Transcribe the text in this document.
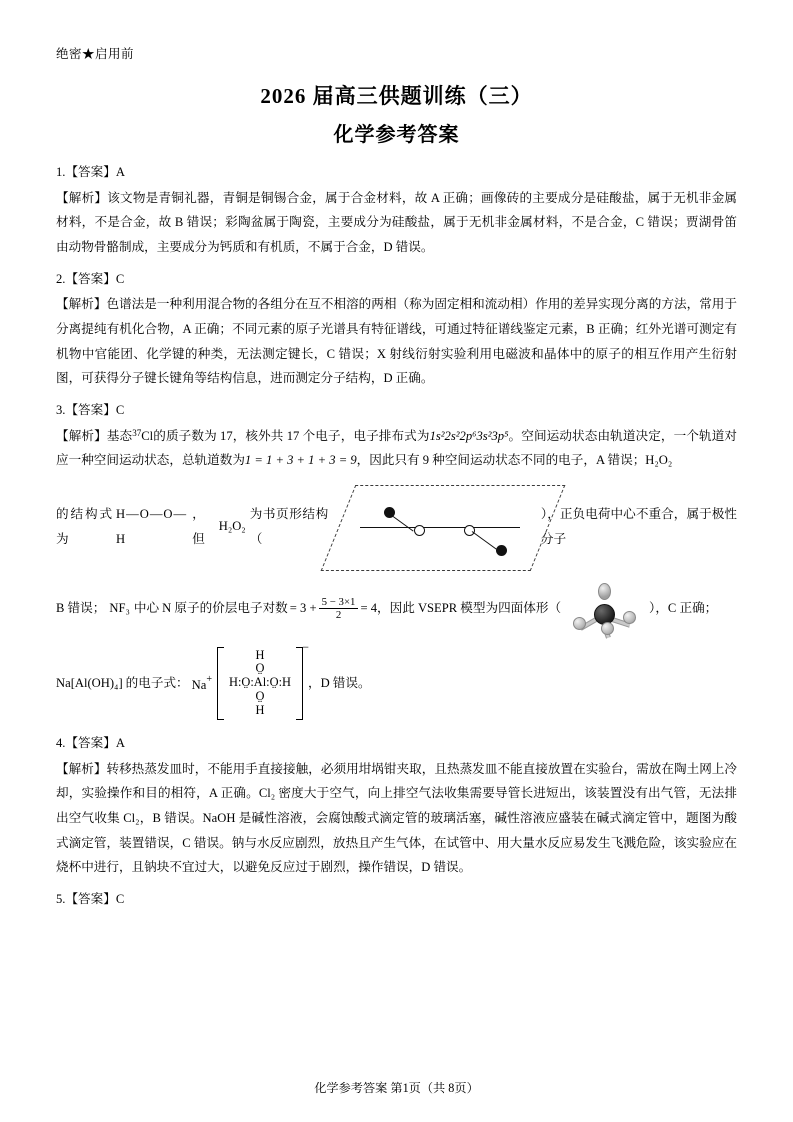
绝密★启用前
2026 届高三供题训练（三）
化学参考答案
1.【答案】A
【解析】该文物是青铜礼器，青铜是铜锡合金，属于合金材料，故 A 正确；画像砖的主要成分是硅酸盐，属于无机非金属材料，不是合金，故 B 错误；彩陶盆属于陶瓷，主要成分为硅酸盐，属于无机非金属材料，不是合金，C 错误；贾湖骨笛由动物骨骼制成，主要成分为钙质和有机质，不属于合金，D 错误。
2.【答案】C
【解析】色谱法是一种利用混合物的各组分在互不相溶的两相（称为固定相和流动相）作用的差异实现分离的方法，常用于分离提纯有机化合物，A 正确；不同元素的原子光谱具有特征谱线，可通过特征谱线鉴定元素，B 正确；红外光谱可测定有机物中官能团、化学键的种类，无法测定键长，C 错误；X 射线衍射实验利用电磁波和晶体中的原子的相互作用产生衍射图，可获得分子键长键角等结构信息，进而测定分子结构，D 正确。
3.【答案】C
【解析】基态$^{37}$Cl的质子数为 17，核外共 17 个电子，电子排布式为1s²2s²2p⁶3s²3p⁵。空间运动状态由轨道决定，一个轨道对应一种空间运动状态，总轨道数为1 = 1 + 3 + 1 + 3 = 9，因此只有 9 种空间运动状态不同的电子，A 错误；H₂O₂
的结构式为
H—O—O—H
，但
H₂O₂
为书页形结构（
），正负电荷中心不重合，属于极性分子
B 错误； NF₃ 中心 N 原子的价层电子对数 = $3 + \frac{5 - 3\times 1}{2} = 4$，因此 VSEPR 模型为四面体形（	），C 正确；
Na[Al(OH)₄] 的电子式： Na+
−
H
O̤
H:O̤:Al:O̤:H
O̤
H
，D 错误。
4.【答案】A
【解析】转移热蒸发皿时，不能用手直接接触，必须用坩埚钳夹取，且热蒸发皿不能直接放置在实验台，需放在陶土网上冷却，实验操作和目的相符，A 正确。Cl₂ 密度大于空气，向上排空气法收集需要导管长进短出，该装置没有出气管，无法排出空气收集 Cl₂，B 错误。NaOH 是碱性溶液，会腐蚀酸式滴定管的玻璃活塞，碱性溶液应盛装在碱式滴定管中，题图为酸式滴定管，装置错误，C 错误。钠与水反应剧烈，放热且产生气体，在试管中、用大量水反应易发生飞溅危险，该实验应在烧杯中进行，且钠块不宜过大，以避免反应过于剧烈，操作错误，D 错误。
5.【答案】C
化学参考答案 第1页（共 8页）
